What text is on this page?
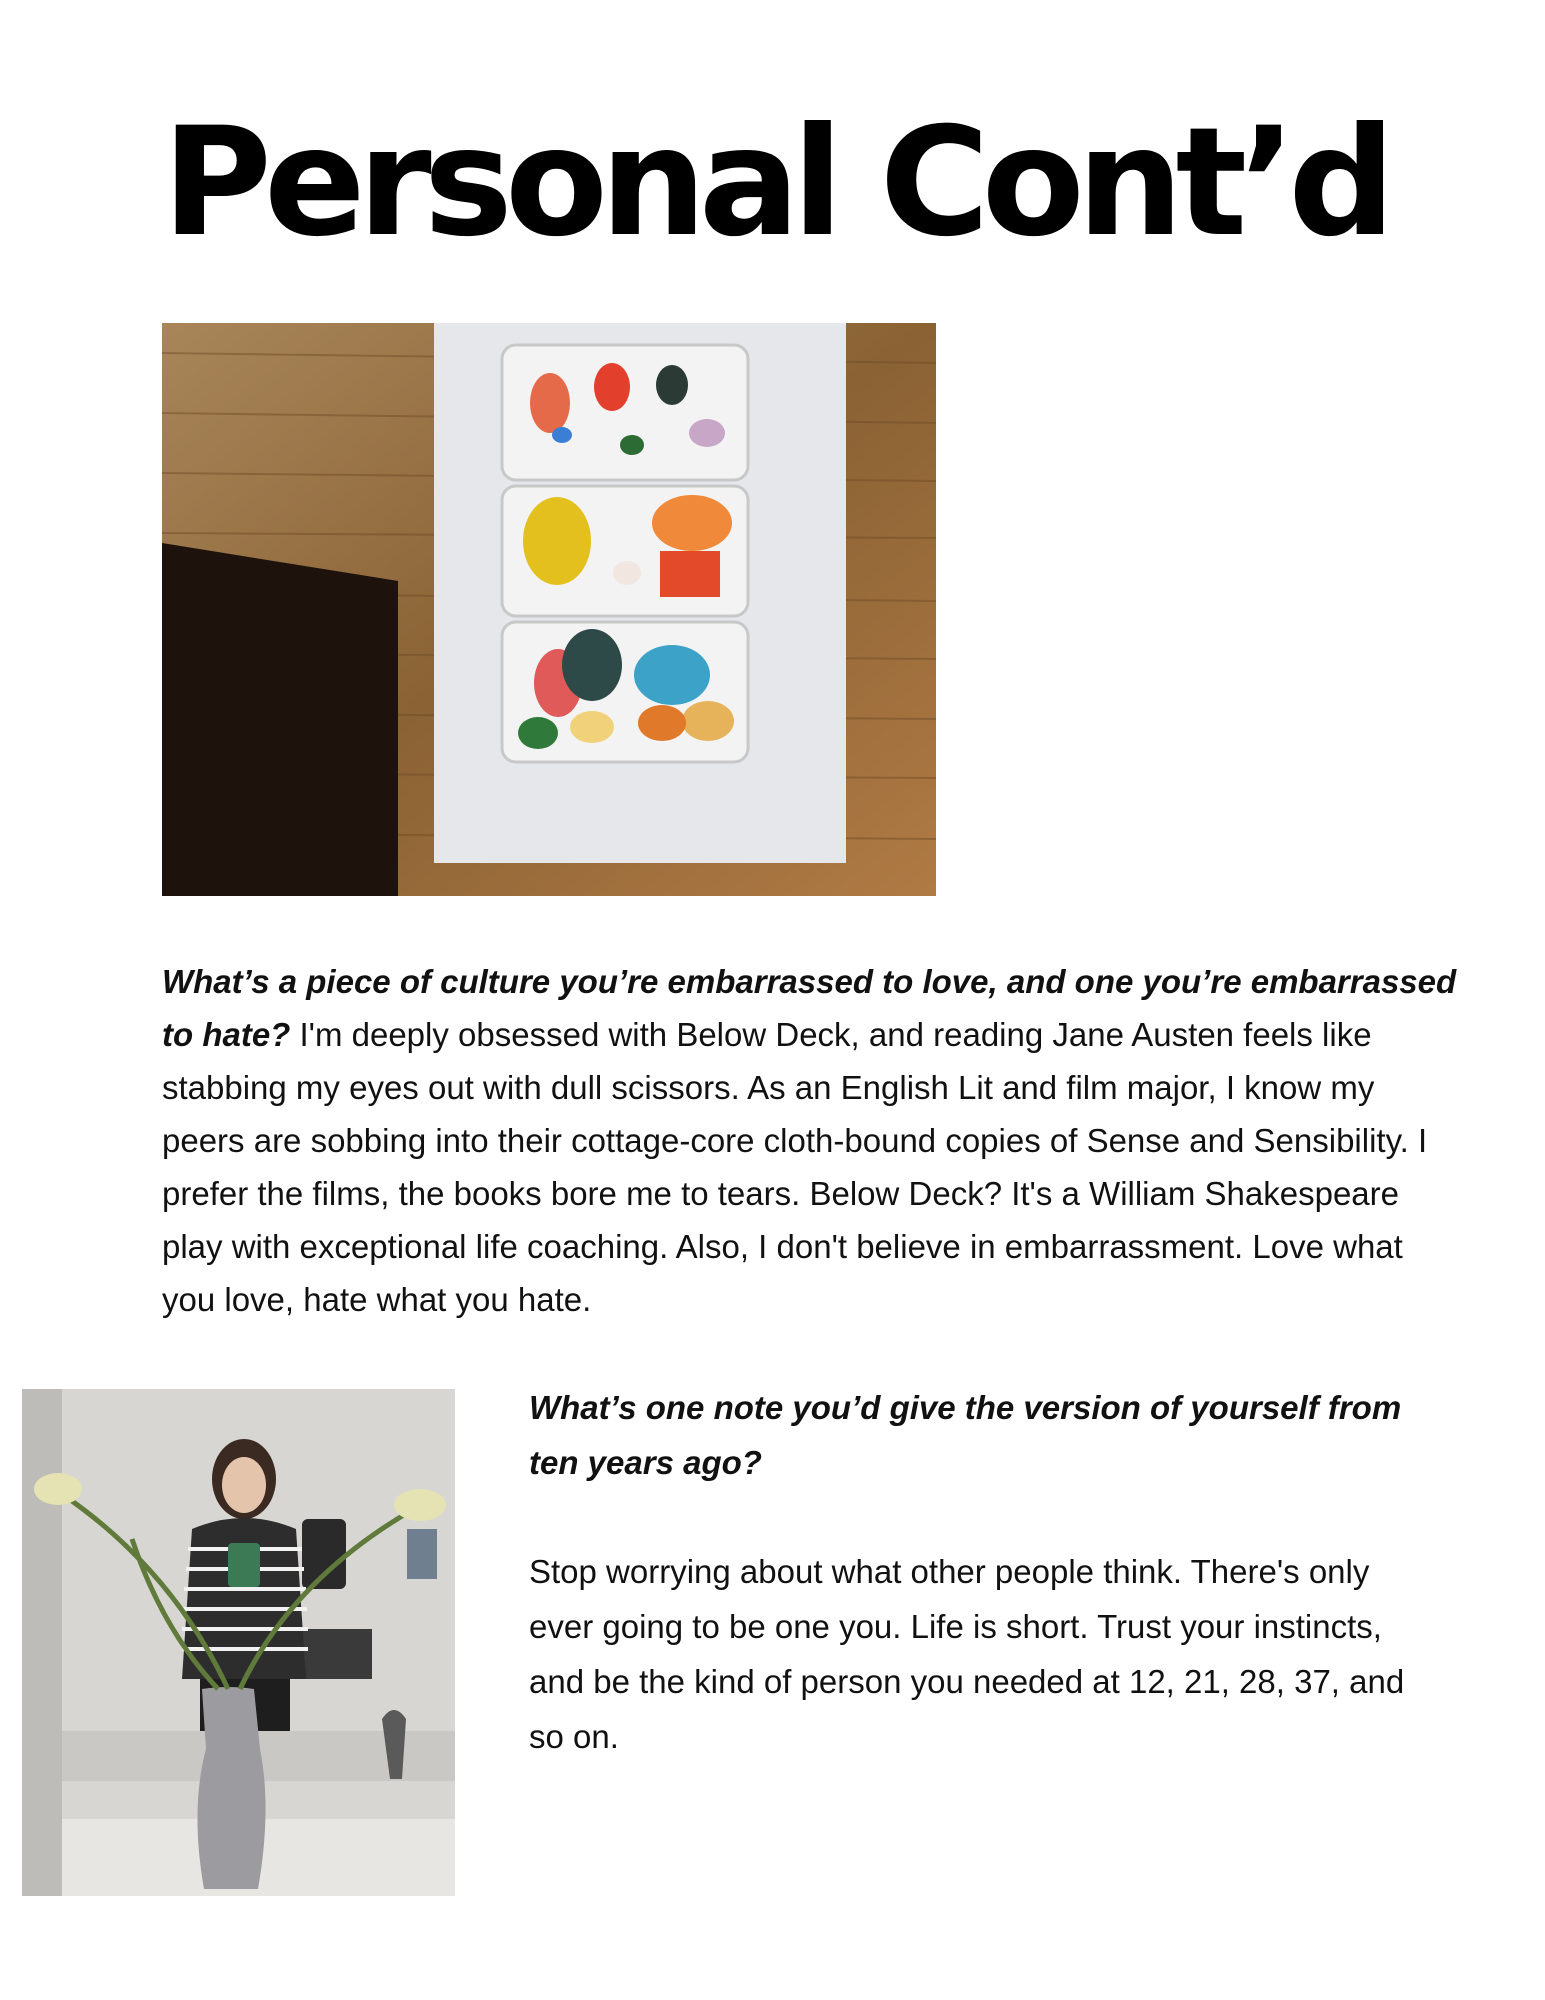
Personal Cont’d

What’s a piece of culture you’re embarrassed to love, and one you’re embarrassed to hate? I'm deeply obsessed with Below Deck, and reading Jane Austen feels like stabbing my eyes out with dull scissors. As an English Lit and film major, I know my peers are sobbing into their cottage-core cloth-bound copies of Sense and Sensibility. I prefer the films, the books bore me to tears. Below Deck? It's a William Shakespeare play with exceptional life coaching. Also, I don't believe in embarrassment. Love what you love, hate what you hate.

What’s one note you’d give the version of yourself from ten years ago?

Stop worrying about what other people think. There's only ever going to be one you. Life is short. Trust your instincts, and be the kind of person you needed at 12, 21, 28, 37, and so on.
